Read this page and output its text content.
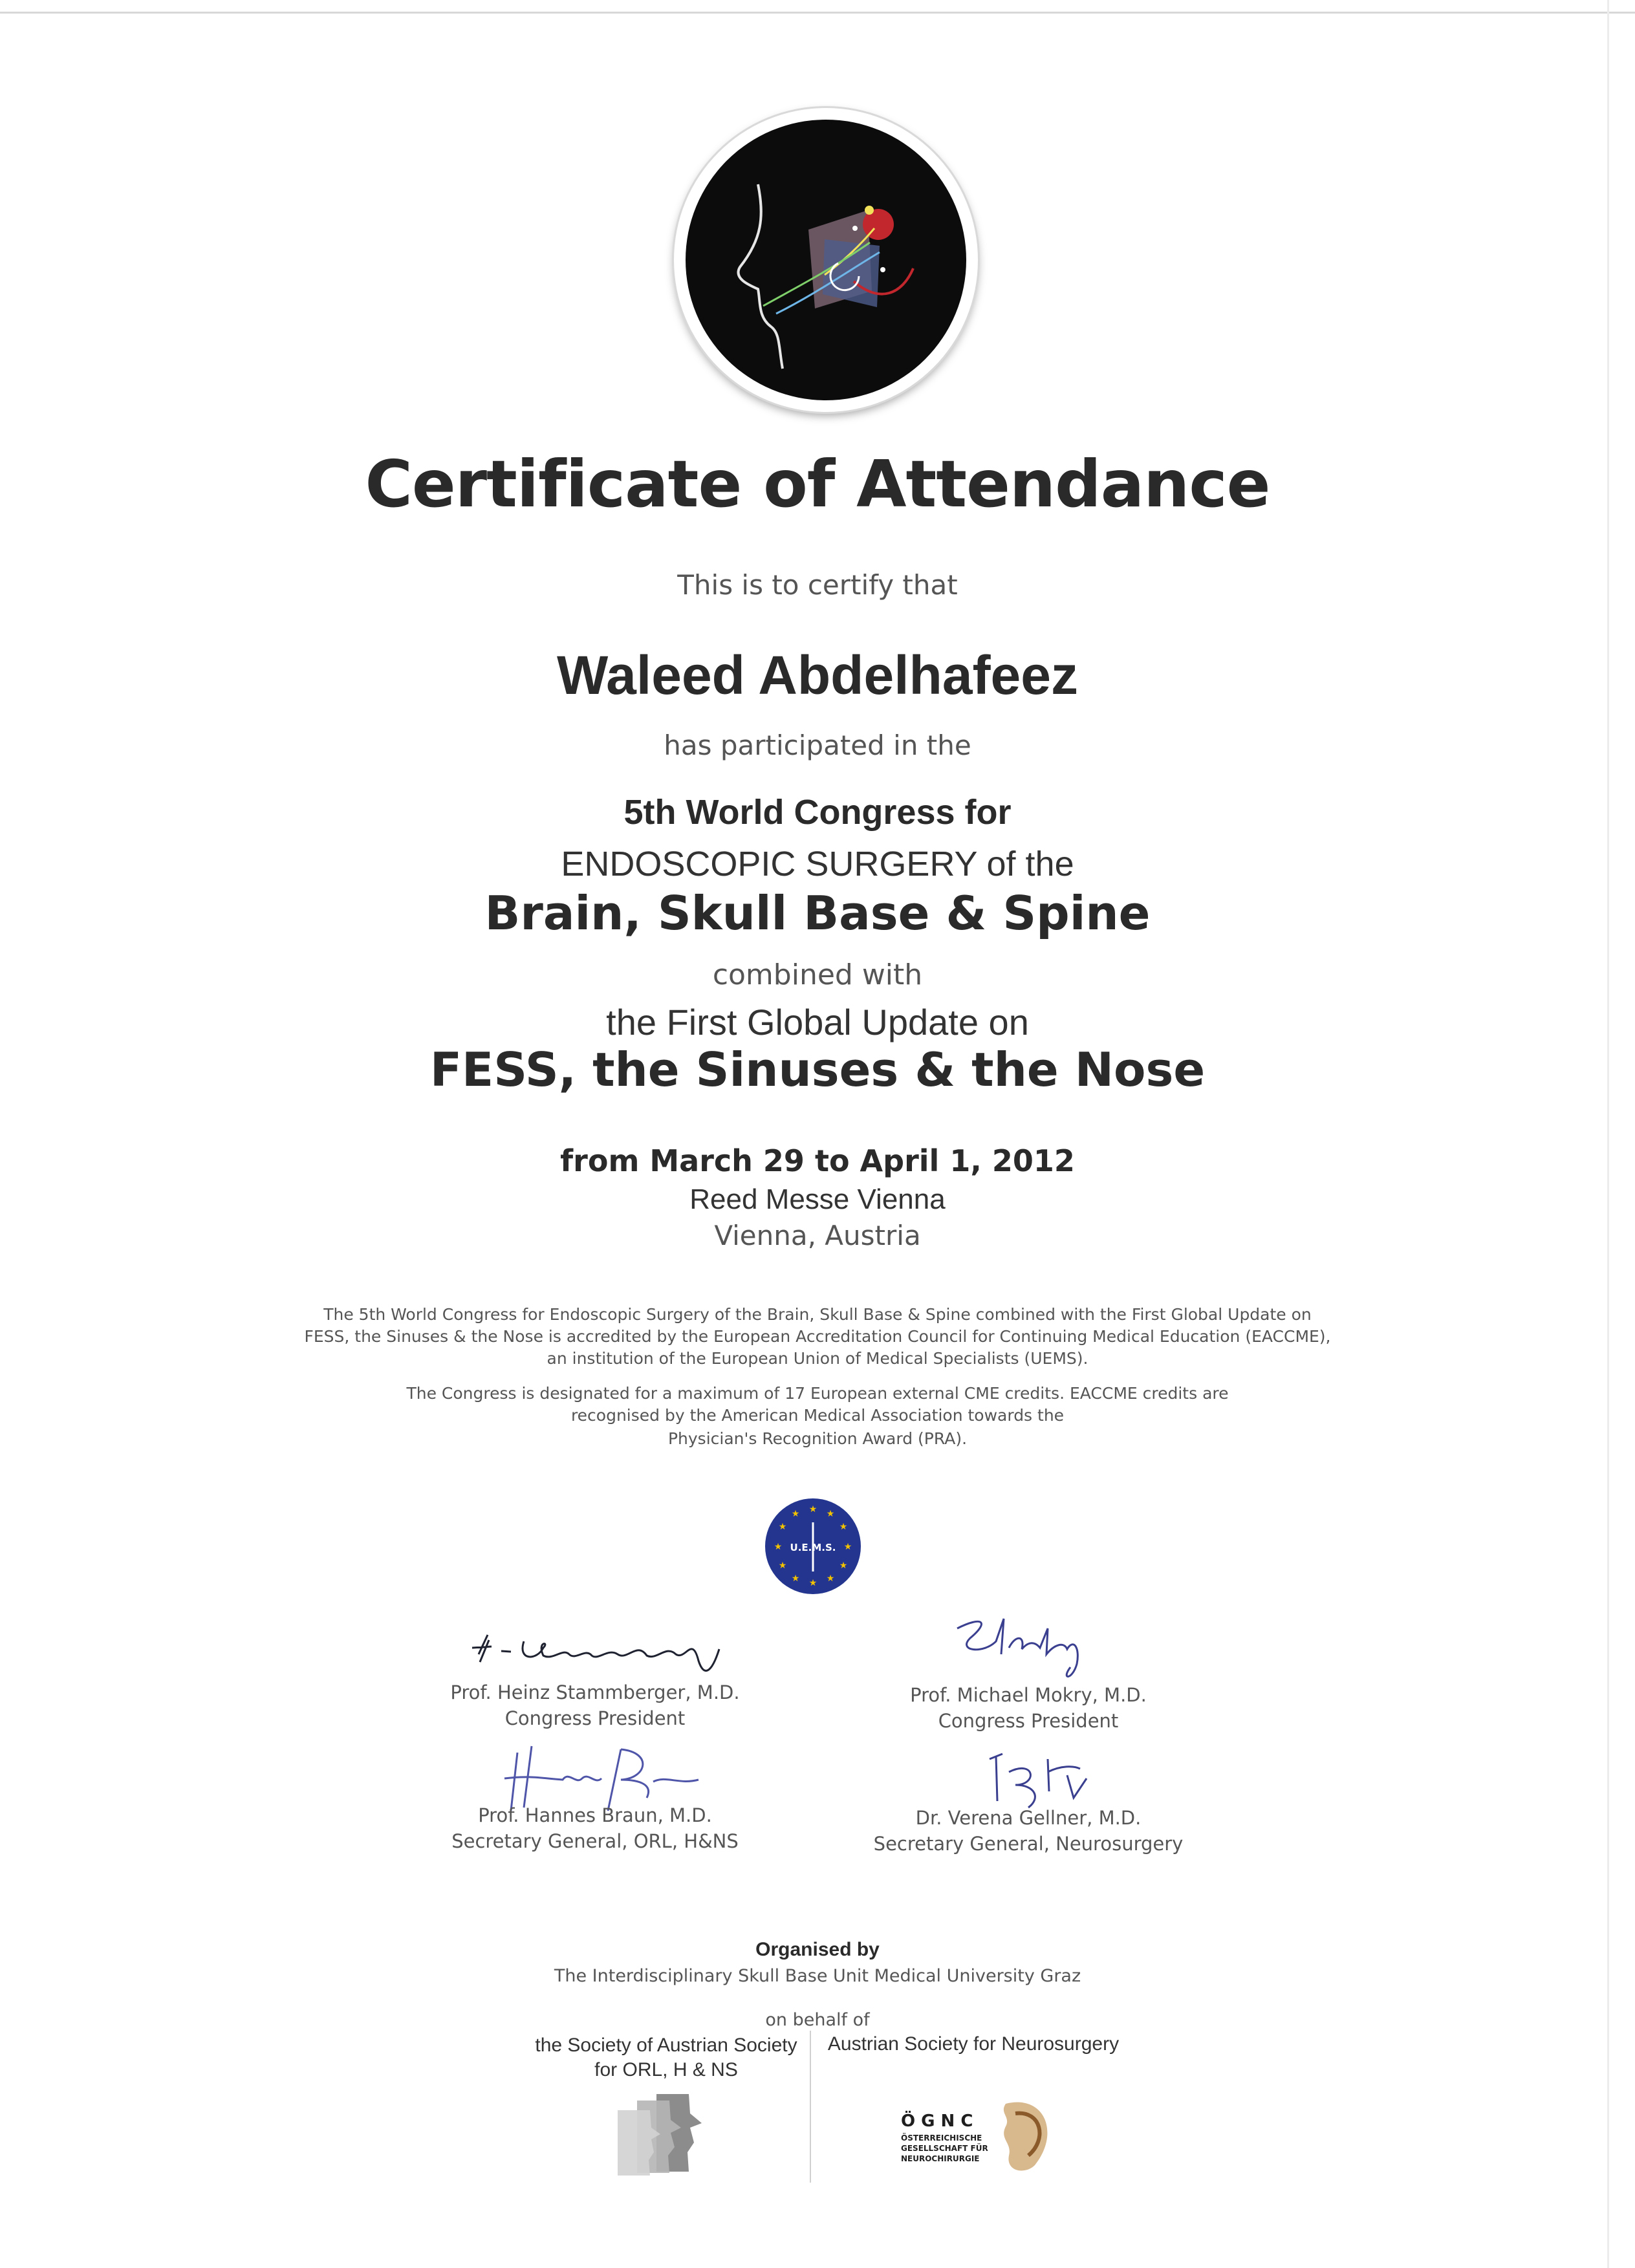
Certificate of Attendance
This is to certify that
Waleed Abdelhafeez
has participated in the
5th World Congress for
ENDOSCOPIC SURGERY of the
Brain, Skull Base & Spine
combined with
the First Global Update on
FESS, the Sinuses & the Nose
from March 29 to April 1, 2012
Reed Messe Vienna
Vienna, Austria
The 5th World Congress for Endoscopic Surgery of the Brain, Skull Base & Spine combined with the First Global Update on
FESS, the Sinuses & the Nose is accredited by the European Accreditation Council for Continuing Medical Education (EACCME),
an institution of the European Union of Medical Specialists (UEMS).
The Congress is designated for a maximum of 17 European external CME credits. EACCME credits are
recognised by the American Medical Association towards the
Physician's Recognition Award (PRA).
★ ★
★
★
★
★
★
★
★
★
★
★
U.E.M.S.
Prof. Heinz Stammberger, M.D.
Congress President
Prof. Michael Mokry, M.D.
Congress President
Prof. Hannes Braun, M.D.
Secretary General, ORL, H&NS
Dr. Verena Gellner, M.D.
Secretary General, Neurosurgery
Organised by
The Interdisciplinary Skull Base Unit Medical University Graz
on behalf of
the Society of Austrian Society
for ORL, H & NS
Austrian Society for Neurosurgery
Ö G N C
ÖSTERREICHISCHE
GESELLSCHAFT FÜR
NEUROCHIRURGIE
